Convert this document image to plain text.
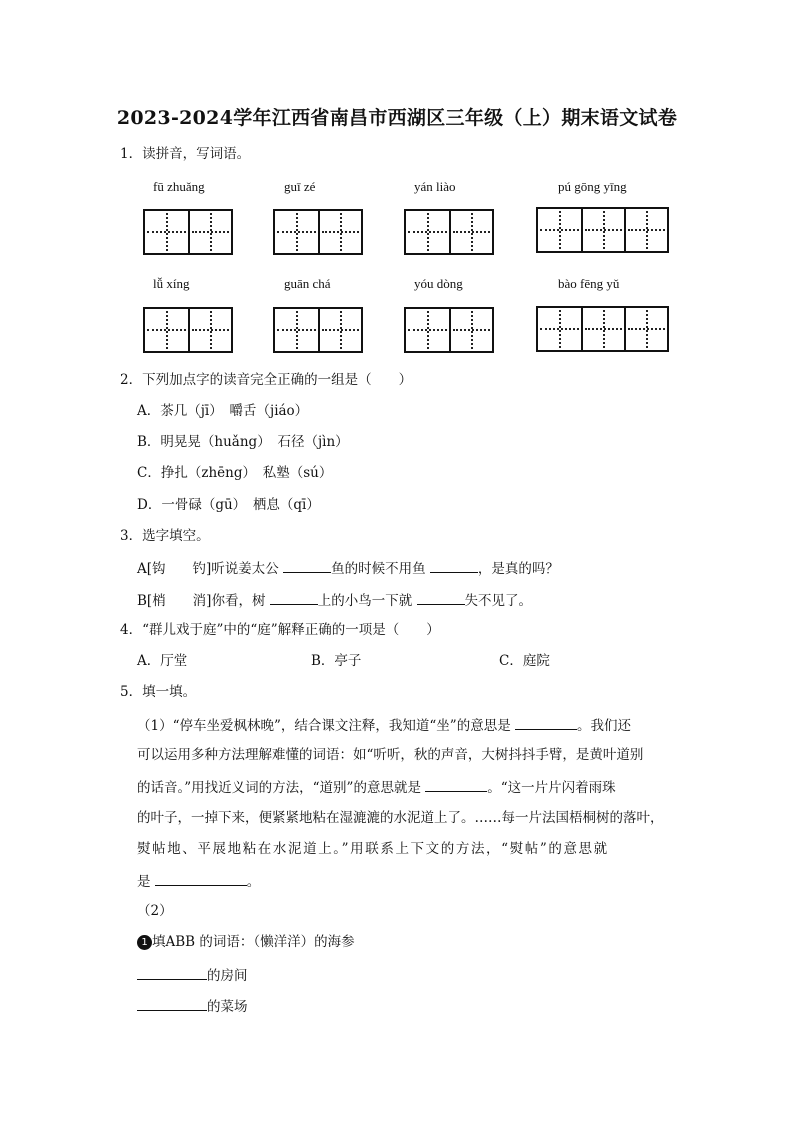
2023-2024学年江西省南昌市西湖区三年级（上）期末语文试卷
1．读拼音，写词语。
fū zhuǎng	guī zé	yán liào	pú gōng yīng
lǚ xíng	guān chá	yóu dòng	bào fēng yǔ
2．下列加点字的读音完全正确的一组是（　　）
A．茶几（jī）　嚼舌（jiáo）
B．明晃晃（huǎng）　石径（jìn）
C．挣扎（zhēng）　私塾（sú）
D．一骨碌（gū）　栖息（qī）
3．选字填空。
A[钩　　钓]听说姜太公	鱼的时候不用鱼	，是真的吗？
B[梢　　消]你看，树	上的小鸟一下就	失不见了。
4．“群儿戏于庭”中的“庭”解释正确的一项是（　　）
A．厅堂	B．亭子	C．庭院
5．填一填。
（1）“停车坐爱枫林晚”，结合课文注释，我知道“坐”的意思是	。我们还
可以运用多种方法理解难懂的词语：如“听听，秋的声音，大树抖抖手臂，是黄叶道别
的话音。”用找近义词的方法，“道别”的意思就是	。“这一片片闪着雨珠
的叶子，一掉下来，便紧紧地粘在湿漉漉的水泥道上了。……每一片法国梧桐树的落叶，
熨帖地、平展地粘在水泥道上。”用联系上下文的方法，“熨帖”的意思就
是	。
（2）
1 填ABB 的词语：（懒洋洋）的海参
的房间
的菜场
